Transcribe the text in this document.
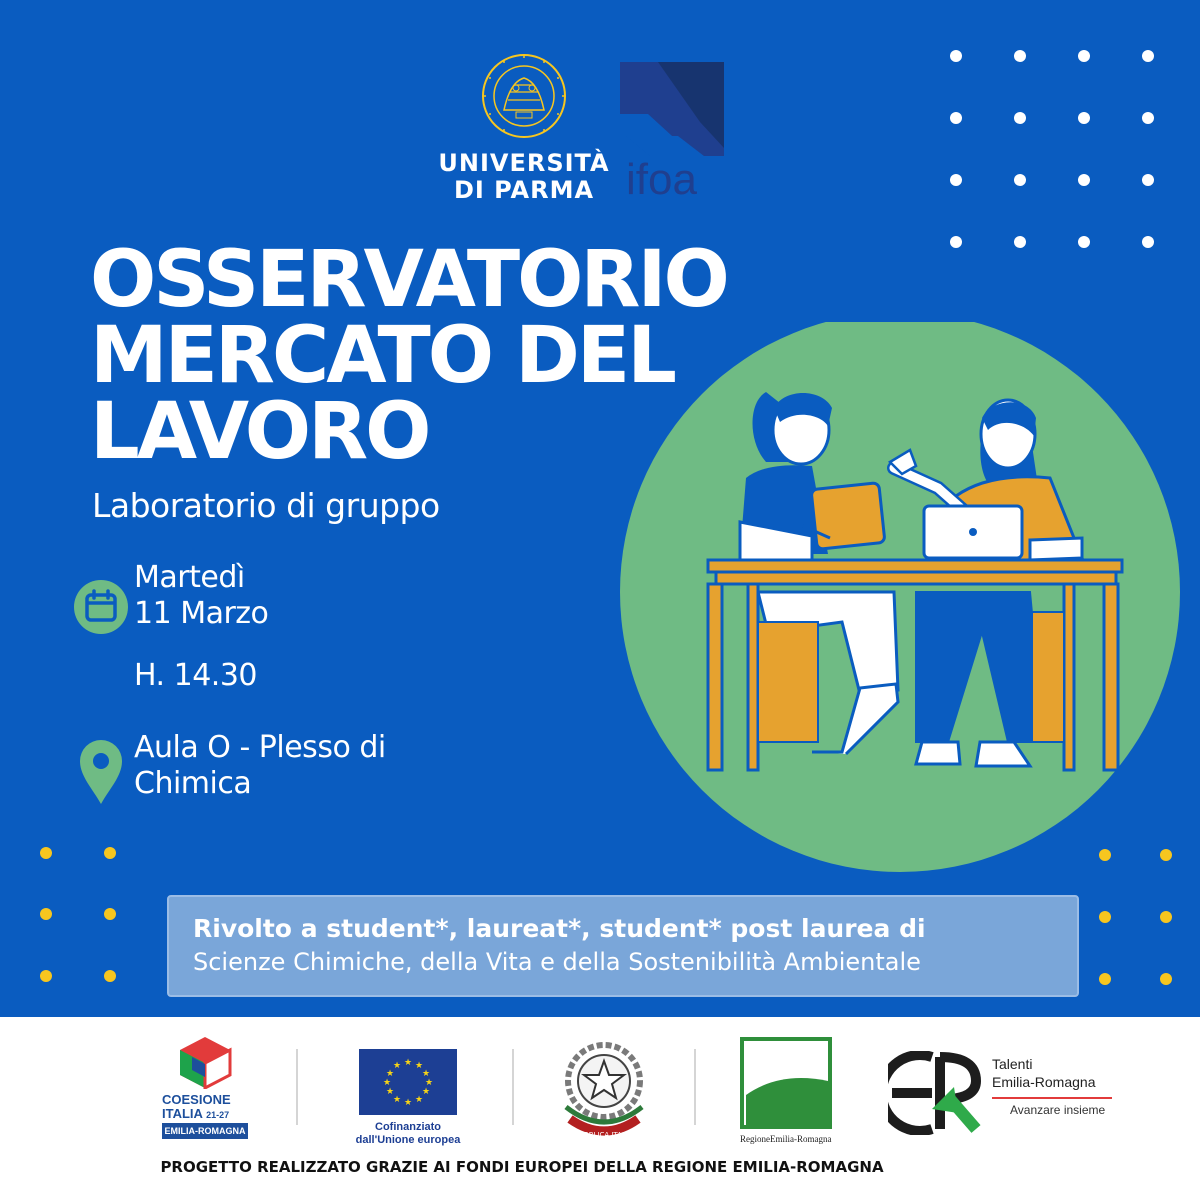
UNIVERSITÀ
DI PARMA ifoa
OSSERVATORIO
MERCATO DEL
LAVORO
Laboratorio di gruppo
Martedì
11 Marzo
H. 14.30
Aula O - Plesso di
Chimica
Rivolto a student*, laureat*, student* post laurea di
Scienze Chimiche, della Vita e della Sostenibilità Ambientale
COESIONE
ITALIA 21-27
EMILIA-ROMAGNA
★ ★
★
★
★
★
★
★
★
★
★
★
Cofinanziato
dall'Unione europea	REPUBBLICA ITALIANA	RegioneEmilia-Romagna
Talenti
Emilia-Romagna
Avanzare insieme
PROGETTO REALIZZATO GRAZIE AI FONDI EUROPEI DELLA REGIONE EMILIA-ROMAGNA
